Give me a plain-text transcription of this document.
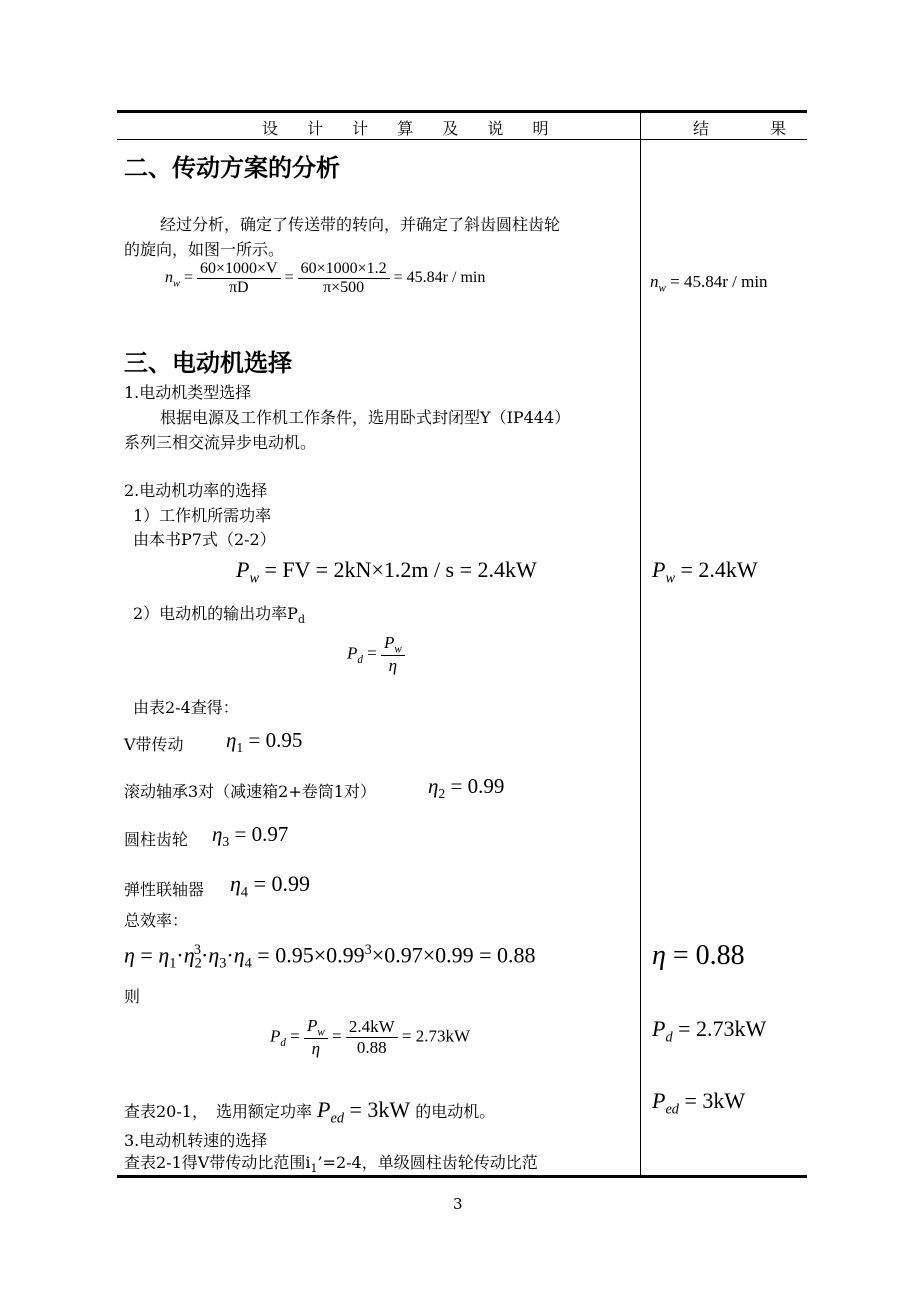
设 计 计 算 及 说 明	结 果
二、传动方案的分析
经过分析，确定了传送带的转向，并确定了斜齿圆柱齿轮
的旋向，如图一所示。
$n_w = \frac{60\times 1000\times V}{\pi D} = \frac{60\times 1000\times 1.2}{\pi\times 500} = 45.84r / \min$	$n_w = 45.84r / \min$
三、电动机选择
1.电动机类型选择
根据电源及工作机工作条件，选用卧式封闭型Y（IP444）
系列三相交流异步电动机。
2.电动机功率的选择
1）工作机所需功率
由本书P7式（2-2）
$P_w$ = FV = 2kN×1.2m / s = 2.4kW	$P_w = 2.4kW$
2）电动机的输出功率$P_d$
$P_d = \frac{P_w}{\eta}$
由表2-4查得：
V带传动 $\eta_1 = 0.95$
滚动轴承3对（减速箱2+卷筒1对） $\eta_2 = 0.99$
圆柱齿轮 $\eta_3 = 0.97$
弹性联轴器 $\eta_4 = 0.99$
总效率：
$\eta = \eta_1\cdot\eta_2^3\cdot\eta_3\cdot\eta_4 = 0.95\times 0.99^3\times 0.97\times 0.99 = 0.88$	η = 0.88
则
$P_d = \frac{P_w}{\eta} = \frac{2.4kW}{0.88} = 2.73kW$	$P_d = 2.73kW$
查表20-1，　选用额定功率 $P_{ed} = 3kW$ 的电动机。	$P_{ed} = 3kW$
3.电动机转速的选择
查表2-1得V带传动比范围$i_1’=2-4$，单级圆柱齿轮传动比范
3
